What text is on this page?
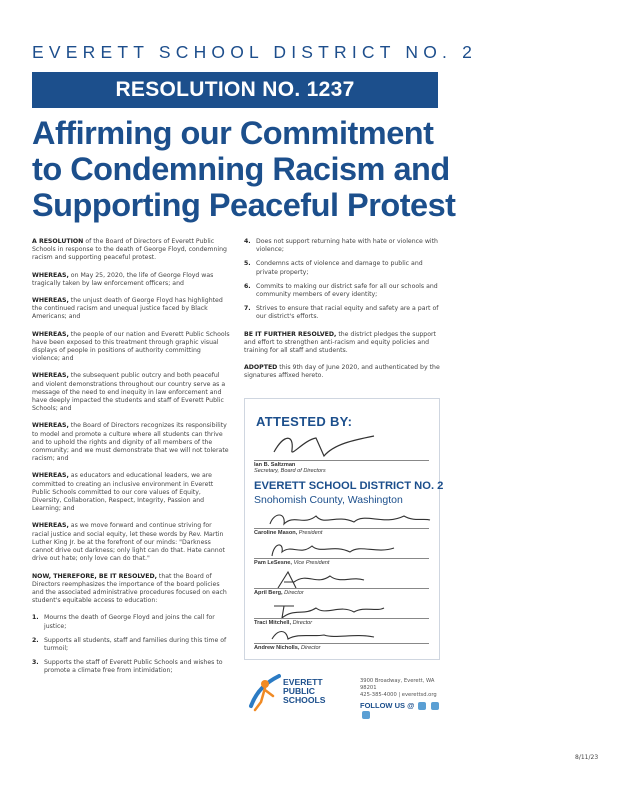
EVERETT SCHOOL DISTRICT NO. 2
RESOLUTION NO. 1237
Affirming our Commitment
to Condemning Racism and
Supporting Peaceful Protest
A RESOLUTION of the Board of Directors of Everett Public Schools in response to the death of George Floyd, condemning racism and supporting peaceful protest.
WHEREAS, on May 25, 2020, the life of George Floyd was tragically taken by law enforcement officers; and
WHEREAS, the unjust death of George Floyd has highlighted the continued racism and unequal justice faced by Black Americans; and
WHEREAS, the people of our nation and Everett Public Schools have been exposed to this treatment through graphic visual displays of people in positions of authority committing violence; and
WHEREAS, the subsequent public outcry and both peaceful and violent demonstrations throughout our country serve as a message of the need to end inequity in law enforcement and have deeply impacted the students and staff of Everett Public Schools; and
WHEREAS, the Board of Directors recognizes its responsibility to model and promote a culture where all students can thrive and to uphold the rights and dignity of all members of the community; and we must demonstrate that we will not tolerate racism; and
WHEREAS, as educators and educational leaders, we are committed to creating an inclusive environment in Everett Public Schools committed to our core values of Equity, Diversity, Collaboration, Respect, Integrity, Passion and Learning; and
WHEREAS, as we move forward and continue striving for racial justice and social equity, let these words by Rev. Martin Luther King Jr. be at the forefront of our minds: "Darkness cannot drive out darkness; only light can do that. Hate cannot drive out hate; only love can do that."
NOW, THEREFORE, BE IT RESOLVED, that the Board of Directors reemphasizes the importance of the board policies and the associated administrative procedures focused on each student's equitable access to education:
1. Mourns the death of George Floyd and joins the call for justice;
2. Supports all students, staff and families during this time of turmoil;
3. Supports the staff of Everett Public Schools and wishes to promote a climate free from intimidation;
4. Does not support returning hate with hate or violence with violence;
5. Condemns acts of violence and damage to public and private property;
6. Commits to making our district safe for all our schools and community members of every identity;
7. Strives to ensure that racial equity and safety are a part of our district's efforts.
BE IT FURTHER RESOLVED, the district pledges the support and effort to strengthen anti-racism and equity policies and training for all staff and students.
ADOPTED this 9th day of June 2020, and authenticated by the signatures affixed hereto.
ATTESTED BY:
Ian B. Saltzman
Secretary, Board of Directors
EVERETT SCHOOL DISTRICT NO. 2
Snohomish County, Washington
Caroline Mason, President
Pam LeSesne, Vice President
April Berg, Director
Traci Mitchell, Director
Andrew Nicholls, Director
EVERETT
PUBLIC
SCHOOLS
3900 Broadway, Everett, WA 98201
425-385-4000 | everettsd.org
FOLLOW US @
8/11/23
